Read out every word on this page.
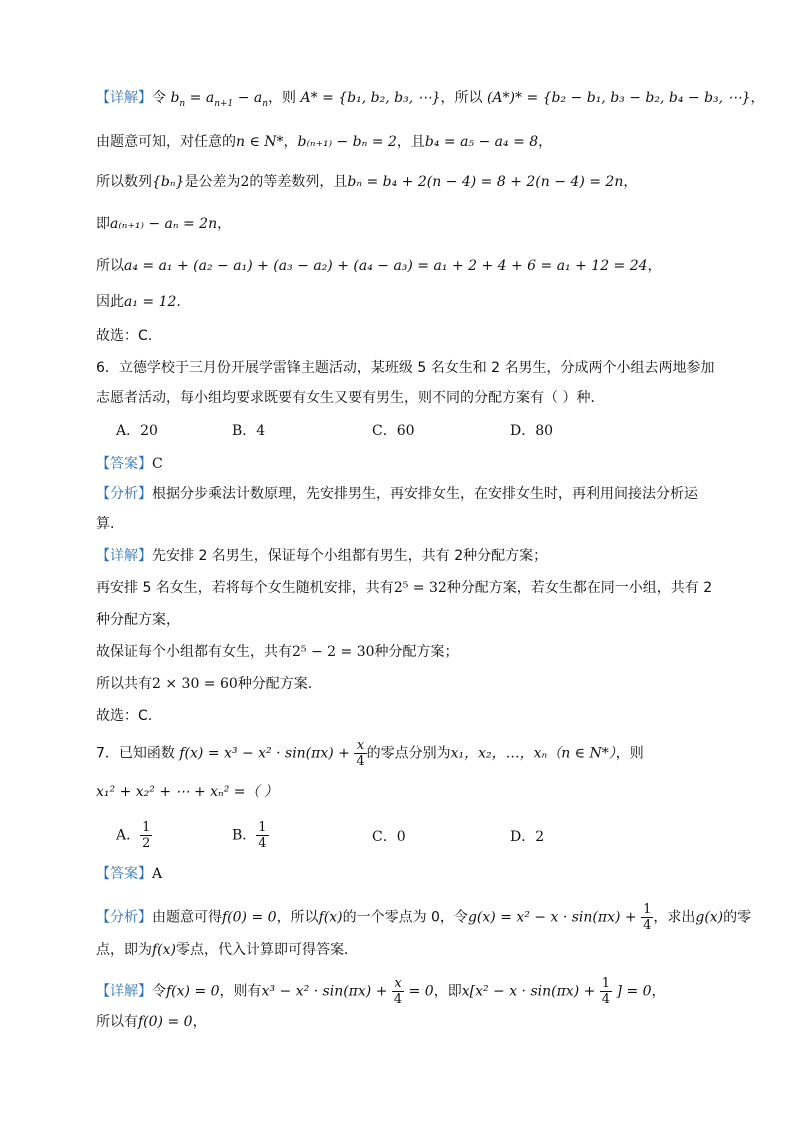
【详解】令 $b_n = a_{n+1} - a_n$，则 A* = {b₁, b₂, b₃, ⋯}，所以 (A*)* = {b₂ − b₁, b₃ − b₂, b₄ − b₃, ⋯}，
由题意可知，对任意的n ∈ N*，b₍ₙ₊₁₎ − bₙ = 2，且b₄ = a₅ − a₄ = 8，
所以数列{bₙ}是公差为2的等差数列，且bₙ = b₄ + 2(n − 4) = 8 + 2(n − 4) = 2n，
即a₍ₙ₊₁₎ − aₙ = 2n，
所以a₄ = a₁ + (a₂ − a₁) + (a₃ − a₂) + (a₄ − a₃) = a₁ + 2 + 4 + 6 = a₁ + 12 = 24，
因此a₁ = 12.
故选：C.
6．立德学校于三月份开展学雷锋主题活动，某班级 5 名女生和 2 名男生，分成两个小组去两地参加
志愿者活动，每小组均要求既要有女生又要有男生，则不同的分配方案有（ ）种．
A．20	B．4	C．60	D．80
【答案】C
【分析】根据分步乘法计数原理，先安排男生，再安排女生，在安排女生时，再利用间接法分析运
算.
【详解】先安排 2 名男生，保证每个小组都有男生，共有 2种分配方案；
再安排 5 名女生，若将每个女生随机安排，共有2⁵ = 32种分配方案，若女生都在同一小组，共有 2
种分配方案，
故保证每个小组都有女生，共有2⁵ − 2 = 30种分配方案；
所以共有2 × 30 = 60种分配方案.
故选：C.
7．已知函数 $f(x) = x^3 - x^2 \cdot \sin(\pi x) + \frac{x}{4}$ 的零点分别为x₁，x₂，…，xₙ（n ∈ N*），则
x₁² + x₂² + ⋯ + xₙ² =（ ）
A． $\frac{1}{2}$	B． $\frac{1}{4}$	C．0	D．2
【答案】A
【分析】由题意可得f(0) = 0，所以f(x)的一个零点为 0，令$g(x) = x^2 - x \cdot \sin(\pi x) + \frac{1}{4}$ ，求出g(x)的零
点，即为f(x)零点，代入计算即可得答案．
【详解】令f(x) = 0，则有$x^3 - x^2 \cdot \sin(\pi x) + \frac{x}{4} = 0$，即$x[x^2 - x \cdot \sin(\pi x) + \frac{1}{4}$ ] = 0，
所以有f(0) = 0，
